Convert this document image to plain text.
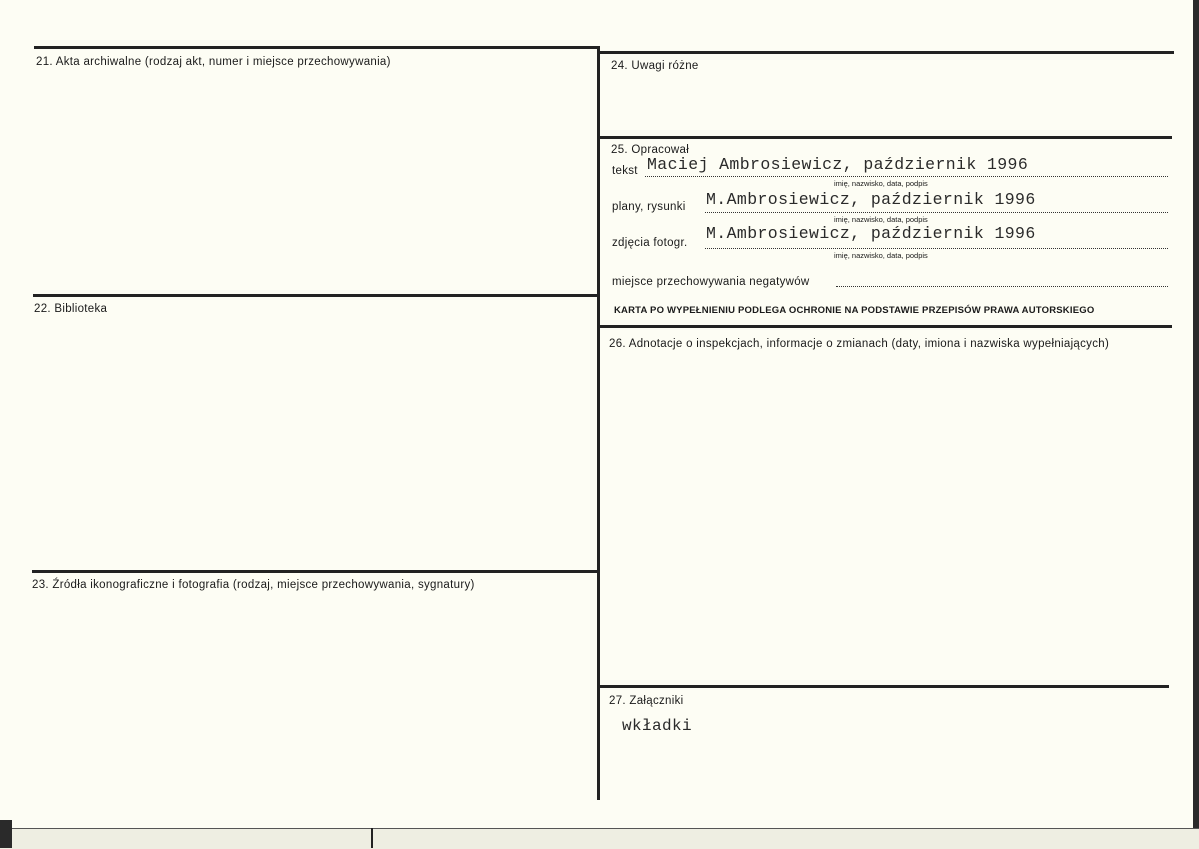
21. Akta archiwalne (rodzaj akt, numer i miejsce przechowywania)
22. Biblioteka
23. Źródła ikonograficzne i fotografia (rodzaj, miejsce przechowywania, sygnatury)
24. Uwagi różne
25. Opracował
tekst Maciej Ambrosiewicz, październik 1996
imię, nazwisko, data, podpis
plany, rysunki M.Ambrosiewicz, październik 1996
imię, nazwisko, data, podpis
zdjęcia fotogr. M.Ambrosiewicz, październik 1996
imię, nazwisko, data, podpis
miejsce przechowywania negatywów
KARTA PO WYPEŁNIENIU PODLEGA OCHRONIE NA PODSTAWIE PRZEPISÓW PRAWA AUTORSKIEGO
26. Adnotacje o inspekcjach, informacje o zmianach (daty, imiona i nazwiska wypełniających)
27. Załączniki
wkładki
